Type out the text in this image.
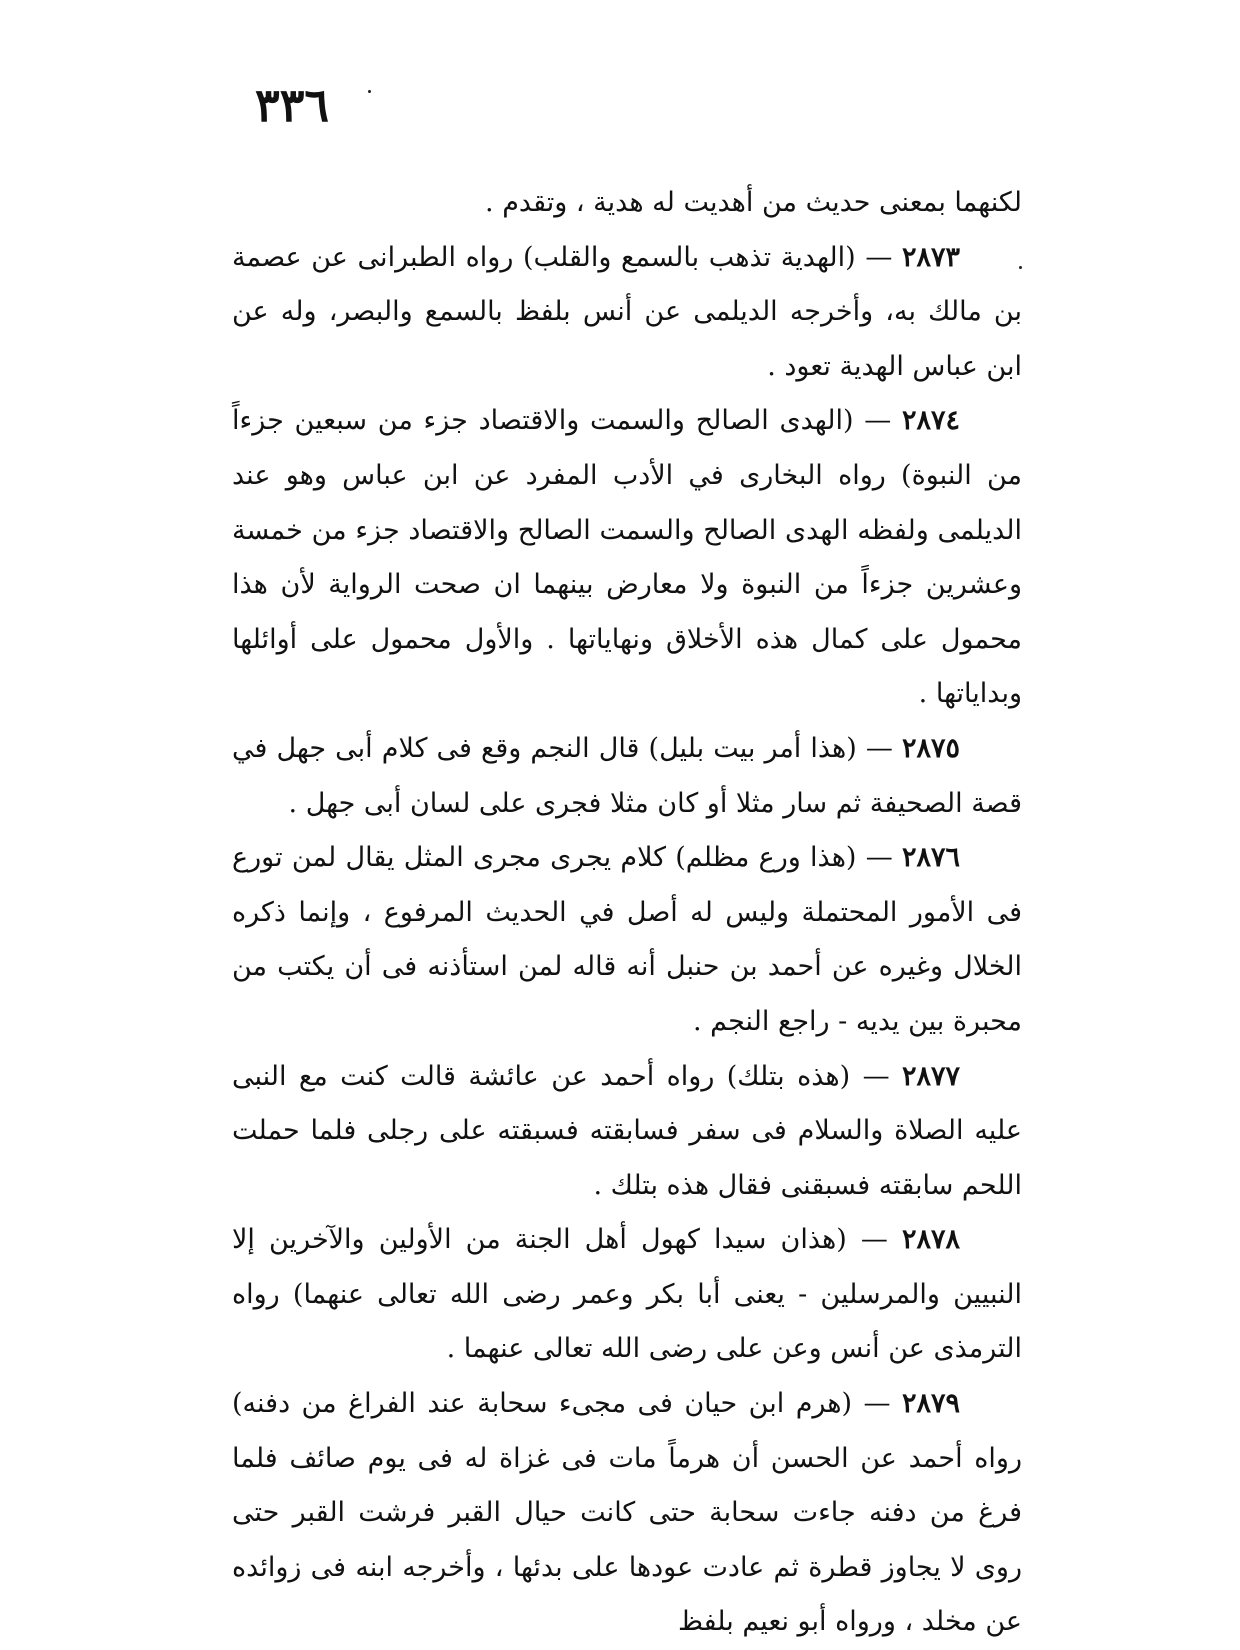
٣٣٦

لكنهما بمعنى حديث من أهديت له هدية ، وتقدم .

٢٨٧٣ — (الهدية تذهب بالسمع والقلب) رواه الطبرانى عن عصمة بن مالك به، وأخرجه الديلمى عن أنس بلفظ بالسمع والبصر، وله عن ابن عباس الهدية تعود .

٢٨٧٤ — (الهدى الصالح والسمت والاقتصاد جزء من سبعين جزءاً من النبوة) رواه البخارى في الأدب المفرد عن ابن عباس وهو عند الديلمى ولفظه الهدى الصالح والسمت الصالح والاقتصاد جزء من خمسة وعشرين جزءاً من النبوة ولا معارض بينهما ان صحت الرواية لأن هذا محمول على كمال هذه الأخلاق ونهاياتها . والأول محمول على أوائلها وبداياتها .

٢٨٧٥ — (هذا أمر بيت بليل) قال النجم وقع فى كلام أبى جهل في قصة الصحيفة ثم سار مثلا أو كان مثلا فجرى على لسان أبى جهل .

٢٨٧٦ — (هذا ورع مظلم) كلام يجرى مجرى المثل يقال لمن تورع فى الأمور المحتملة وليس له أصل في الحديث المرفوع ، وإنما ذكره الخلال وغيره عن أحمد بن حنبل أنه قاله لمن استأذنه فى أن يكتب من محبرة بين يديه - راجع النجم .

٢٨٧٧ — (هذه بتلك) رواه أحمد عن عائشة قالت كنت مع النبى عليه الصلاة والسلام فى سفر فسابقته فسبقته على رجلى فلما حملت اللحم سابقته فسبقنى فقال هذه بتلك .

٢٨٧٨ — (هذان سيدا كهول أهل الجنة من الأولين والآخرين إلا النبيين والمرسلين - يعنى أبا بكر وعمر رضى الله تعالى عنهما) رواه الترمذى عن أنس وعن على رضى الله تعالى عنهما .

٢٨٧٩ — (هرم ابن حيان فى مجىء سحابة عند الفراغ من دفنه) رواه أحمد عن الحسن أن هرماً مات فى غزاة له فى يوم صائف فلما فرغ من دفنه جاءت سحابة حتى كانت حيال القبر فرشت القبر حتى روى لا يجاوز قطرة ثم عادت عودها على بدئها ، وأخرجه ابنه فى زوائده عن مخلد ، ورواه أبو نعيم بلفظ
